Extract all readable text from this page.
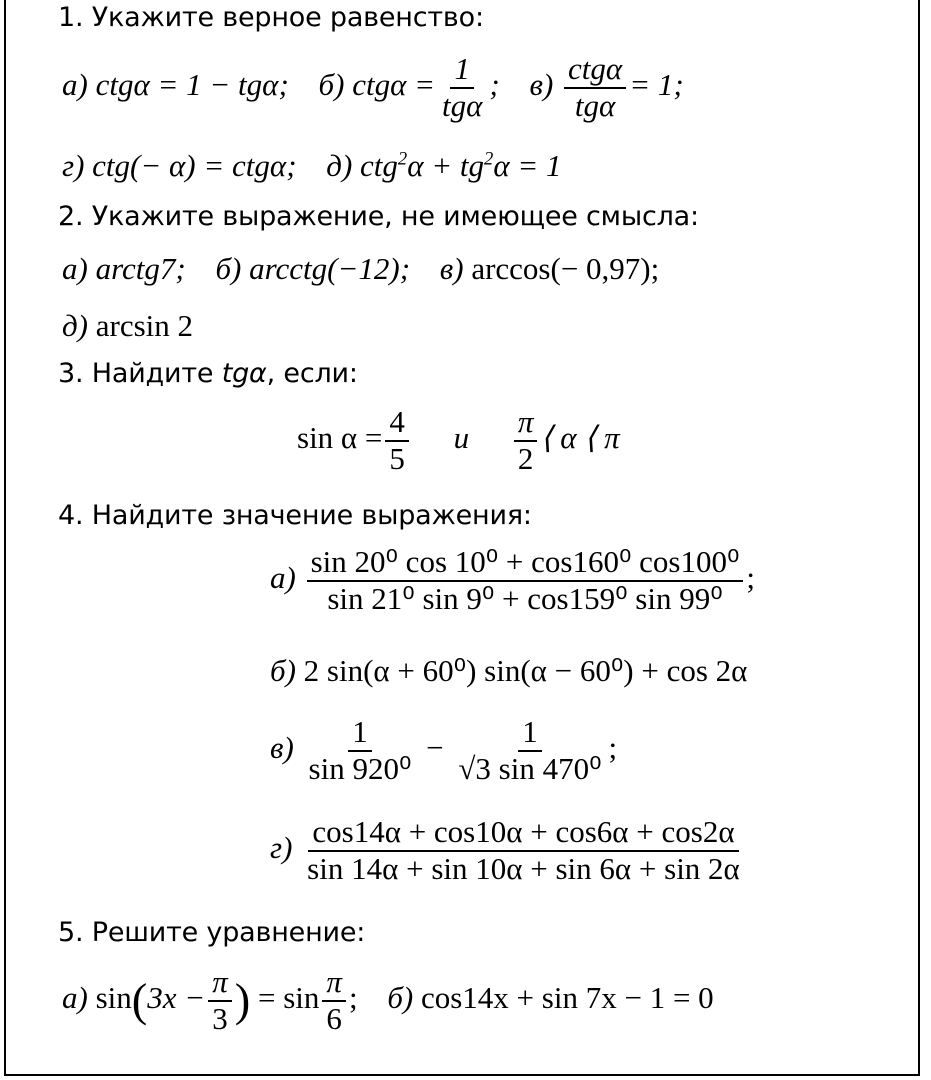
1. Укажите верное равенство:
а) ctgα = 1 − tgα; б) $ctg\alpha = \frac{1}{\text{tgα}}$ ; $в) \frac{\text{ctgα}}{\text{tgα}} = 1$;
г) ctg(− α) = ctgα; д) $ctg^2\alpha + tg^2\alpha = 1$
2. Укажите выражение, не имеющее смысла:
а) arctg7; б) arcctg(−12); в) arccos(− 0,97);
д) arcsin 2
3. Найдите tgα, если:
$\sin \alpha = \frac{4}{5}$ и $\frac{\pi}{2}$ ⟨ α ⟨ π
4. Найдите значение выражения:
$а) \frac{\text{sin 20⁰ cos 10⁰ + cos160⁰ cos100⁰}}{\text{sin 21⁰ sin 9⁰ + cos159⁰ sin 99⁰}}$ ;
б) 2 sin(α + 60⁰) sin(α − 60⁰) + cos 2α
$в) \frac{1}{\text{sin 920⁰}} - \frac{1}{\text{√3 sin 470⁰}}$ ;
$г) \frac{\cos 14\alpha + \cos 10\alpha + \cos 6\alpha + \cos 2\alpha}{\sin 14\alpha + \sin 10\alpha + \sin 6\alpha + \sin 2\alpha}$
5. Решите уравнение:
а) $\sin(3x - \frac{\pi}{3}$ ) = $\sin \frac{\pi}{6}$ ; б) cos14x + sin 7x − 1 = 0
